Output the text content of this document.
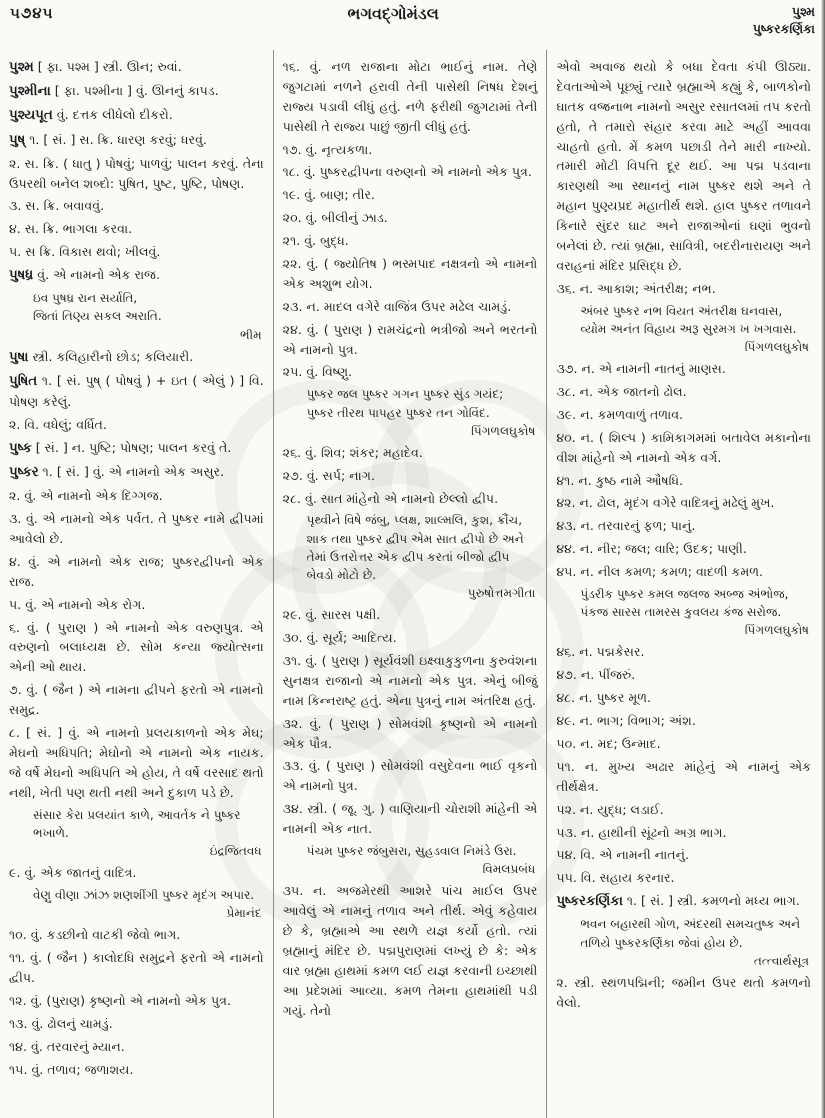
૫૭૪૫	ભગવદ્ગોમંડલ	પુશ્મ
પુષ્કરકર્ણિકા
પુશ્મ [ ફા. પશ્મ ] સ્ત્રી. ઊન; રુવાં.
પુશ્મીના [ ફા. પશ્મીના ] વું. ઊનનું કાપડ.
પુશ્યપૂત વું. દત્તક લીધેલો દીકરો.
પુષ્ ૧. [ સં. ] સ. ક્રિ. ધારણ કરવું; ધરવું.
૨. સ. ક્રિ. ( ધાતુ ) પોષવું; પાળવું; પાલન કરવું. તેના ઉપરથી બનેલ શબ્દો: પુષિત, પુષ્ટ, પુષ્ટિ, પોષણ.
૩. સ. ક્રિ. બવાવવું.
૪. સ. ક્રિ. ભાગલા કરવા.
૫. સ ક્રિ. વિકાસ થવો; ખીલવું.
પુષધ્ર વું. એ નામનો એક રાજ.
ઇવ પુષધ્ર રાન સર્યાતિ,
જિતાં તિણ્ય સકલ અરાતિ.
ભીમ
પુષા સ્ત્રી. કલિહારીનો છોડ; કલિયારી.
પુષિત ૧. [ સં. પુષ્ ( પોષવું ) + ઇત ( એલું ) ] વિ. પોષણ કરેલું.
૨. વિ. વધેલું; વર્ધિત.
પુષ્ક [ સં. ] ન. પુષ્ટિ; પોષણ; પાલન કરવું તે.
પુષ્કર ૧. [ સં. ] વું. એ નામનો એક અસુર.
૨. વું. એ નામનો એક દિગ્ગજ.
૩. વું. એ નામનો એક પર્વત. તે પુષ્કર નામે દ્વીપમાં આવેલો છે.
૪. વું. એ નામનો એક રાજ; પુષ્કરદ્વીપનો એક રાજ.
૫. વું. એ નામનો એક રોગ.
૬. વું. ( પુરાણ ) એ નામનો એક વરુણપુત્ર. એ વરુણનો બલાધ્યક્ષ છે. સોમ કન્યા જ્યોત્સના એની ઓ થાય.
૭. વું. ( જૈન ) એ નામના દ્વીપને ફરતો એ નામનો સમુદ્ર.
૮. [ સં. ] વું. એ નામનો પ્રલયકાળનો એક મેઘ; મેઘનો અધિપતિ; મેઘોનો એ નામનો એક નાયક. જે વર્ષે મેઘનો અધિપતિ એ હોય, તે વર્ષે વરસાદ થતો નથી, ખેતી પણ થતી નથી અને દુકાળ પડે છે.
સંસાર કેરા પ્રલયાંત કાળે, આવર્તક ને પુષ્કર ભખાળે.
ઇંદ્રજિતવધ
૯. વું. એક જાતનું વાદિત્ર.
વેણુ વીણા ઝાંઝ શણશીંગી પુષ્કર મૃદંગ અપાર.
પ્રેમાનંદ
૧૦. વું. કડછીનો વાટકી જેવો ભાગ.
૧૧. વું. ( જૈન ) કાલોદધિ સમુદ્રને ફરતો એ નામનો દ્વીપ.
૧૨. વું. (પુરાણ) કૃષ્ણનો એ નામનો એક પુત્ર.
૧૩. વું. ઢોલનું ચામડું.
૧૪. વું. તરવારનું મ્યાન.
૧૫. વું. તળાવ; જળાશય.
૧૬. વું. નળ રાજાના મોટા ભાઈનું નામ. તેણે જુગટામાં નળને હરાવી તેની પાસેથી નિષધ દેશનું રાજ્ય પડાવી લીધું હતું. નળે ફરીથી જુગટામાં તેની પાસેથી તે રાજ્ય પાછું જીતી લીધું હતું.
૧૭. વું. નૃત્યકળા.
૧૮. વું. પુષ્કરદ્વીપના વરુણનો એ નામનો એક પુત્ર.
૧૯. વું. બાણ; તીર.
૨૦. વું. બીલીનું ઝાડ.
૨૧. વું. બુદ્ધ.
૨૨. વું. ( જ્યોતિષ ) ભસ્મપાદ નક્ષત્રનો એ નામનો એક અશુભ યોગ.
૨૩. ન. માદલ વગેરે વાજિંત્ર ઉપર મઢેલ ચામડું.
૨૪. વું. ( પુરાણ ) રામચંદ્રનો ભત્રીજો અને ભરતનો એ નામનો પુત્ર.
૨૫. વું. વિષ્ણુ.
પુષ્કર જલ પુષ્કર ગગન પુષ્કર સુંડ ગયંદ;
પુષ્કર તીરથ પાપહર પુષ્કર તન ગોવિંદ.
પિંગળલઘુકોષ
૨૬. વું. શિવ; શંકર; મહાદેવ.
૨૭. વું. સર્પ; નાગ.
૨૮. વું. સાત માંહેનો એ નામનો છેલ્લો દ્વીપ.
પૃથ્વીને વિષે જંબુ, પ્લક્ષ, શાલ્મલિ, કુશ, ક્રૌંચ, શાક તથા પુષ્કર દ્વીપ એમ સાત દ્વીપો છે અને તેમાં ઉત્તરોત્તર એક દ્વીપ કરતાં બીજો દ્વીપ બેવડો મોટો છે.
પુરુષોત્તમગીતા
૨૯. વું. સારસ પક્ષી.
૩૦. વું. સૂર્ય; આદિત્ય.
૩૧. વું. ( પુરાણ ) સૂર્યવંશી ઇક્ષ્વાકુકુળના કુરુવંશના સુનક્ષત્ર રાજાનો એ નામનો એક પુત્ર. એનું બીજું નામ કિન્નરાષ્ટ્ર હતું. એના પુત્રનું નામ અંતરિક્ષ હતું.
૩૨. વું. ( પુરાણ ) સોમવંશી કૃષ્ણનો એ નામનો એક પૌત્ર.
૩૩. વું. ( પુરાણ ) સોમવંશી વસુદેવના ભાઈ વૃકનો એ નામનો પુત્ર.
૩૪. સ્ત્રી. ( જૂ. ગુ. ) વાણિયાની ચોરાશી માંહેની એ નામની એક નાત.
પંચમ પુષ્કર જંબુસરા, સુહડવાલ નિમંડે ઉરા.
વિમલપ્રબંધ
૩૫. ન. અજમેરથી આશરે પાંચ માઈલ ઉપર આવેલું એ નામનું તળાવ અને તીર્થ. એવું કહેવાય છે કે, બ્રહ્માએ આ સ્થળે યજ્ઞ કર્યો હતો. ત્યાં બ્રહ્માનું મંદિર છે. પદ્મપુરાણમાં લખ્યું છે કે: એક વાર બ્રહ્મા હાથમાં કમળ લઈ યજ્ઞ કરવાની ઇચ્છાથી આ પ્રદેશમાં આવ્યા. કમળ તેમના હાથમાંથી પડી ગયું. તેનો
એવો અવાજ થયો કે બધા દેવતા કંપી ઊઠ્યા. દેવતાઓએ પૂછ્યું ત્યારે બ્રહ્માએ કહ્યું કે, બાળકોનો ઘાતક વજ્રનાભ નામનો અસુર રસાતલમાં તપ કરતો હતો, તે તમારો સંહાર કરવા માટે અહીં આવવા ચાહતો હતો. મેં કમળ પછાડી તેને મારી નાખ્યો. તમારી મોટી વિપત્તિ દૂર થઈ. આ પદ્મ પડવાના કારણથી આ સ્થાનનું નામ પુષ્કર થશે અને તે મહાન પુણ્યપ્રદ મહાતીર્થ થશે. હાલ પુષ્કર તળાવને કિનારે સુંદર ઘાટ અને રાજાઓનાં ઘણાં ભુવનો બનેલાં છે. ત્યાં બ્રહ્મા, સાવિત્રી, બદરીનારાયણ અને વરાહનાં મંદિર પ્રસિદ્ધ છે.
૩૬. ન. આકાશ; અંતરીક્ષ; નભ.
અંબર પુષ્કર નભ વિયત અંતરીક્ષ ઘનવાસ,
વ્યોમ અનંત વિહાય અરૂ સુરમગ ખ ખગવાસ.
પિંગળલઘુકોષ
૩૭. ન. એ નામની નાતનું માણસ.
૩૮. ન. એક જાતનો ઢોલ.
૩૯. ન. કમળવાળું તળાવ.
૪૦. ન. ( શિલ્પ ) કામિકાગમમાં બતાવેલ મકાનોના વીશ માંહેનો એ નામનો એક વર્ગ.
૪૧. ન. કુષ્ઠ નામે ઔષધિ.
૪૨. ન. ઢોલ, મૃદંગ વગેરે વાદિત્રનું મઢેલું મુખ.
૪૩. ન. તરવારનું ફળ; પાનું.
૪૪. ન. નીર; જલ; વારિ; ઉદક; પાણી.
૪૫. ન. નીલ કમળ; કમળ; વાદળી કમળ.
પુંડરીક પુષ્કર કમલ જલજ અબ્જ અંભોજ,
પંકજ સારસ તામરસ કુવલય કંજ સરોજ.
પિંગળલઘુકોષ
૪૬. ન. પદ્મકેસર.
૪૭. ન. પીંજરું.
૪૮. ન. પુષ્કર મૂળ.
૪૯. ન. ભાગ; વિભાગ; અંશ.
૫૦. ન. મદ; ઉન્માદ.
૫૧. ન. મુખ્ય અઢાર માંહેનું એ નામનું એક તીર્થક્ષેત્ર.
૫૨. ન. યુદ્ધ; લડાઈ.
૫૩. ન. હાથીની સૂંઢનો અગ્ર ભાગ.
૫૪. વિ. એ નામની નાતનું.
૫૫. વિ. સહાય કરનાર.
પુષ્કરકર્ણિકા ૧. [ સં. ] સ્ત્રી. કમળનો મધ્ય ભાગ.
ભવન બહારથી ગોળ, અંદરથી સમચતુષ્ક અને તળિયે પુષ્કરકર્ણિકા જેવાં હોય છે.
તત્ત્વાર્થસૂત્ર
૨. સ્ત્રી. સ્થળપદ્મિની; જમીન ઉપર થતો કમળનો વેલો.
